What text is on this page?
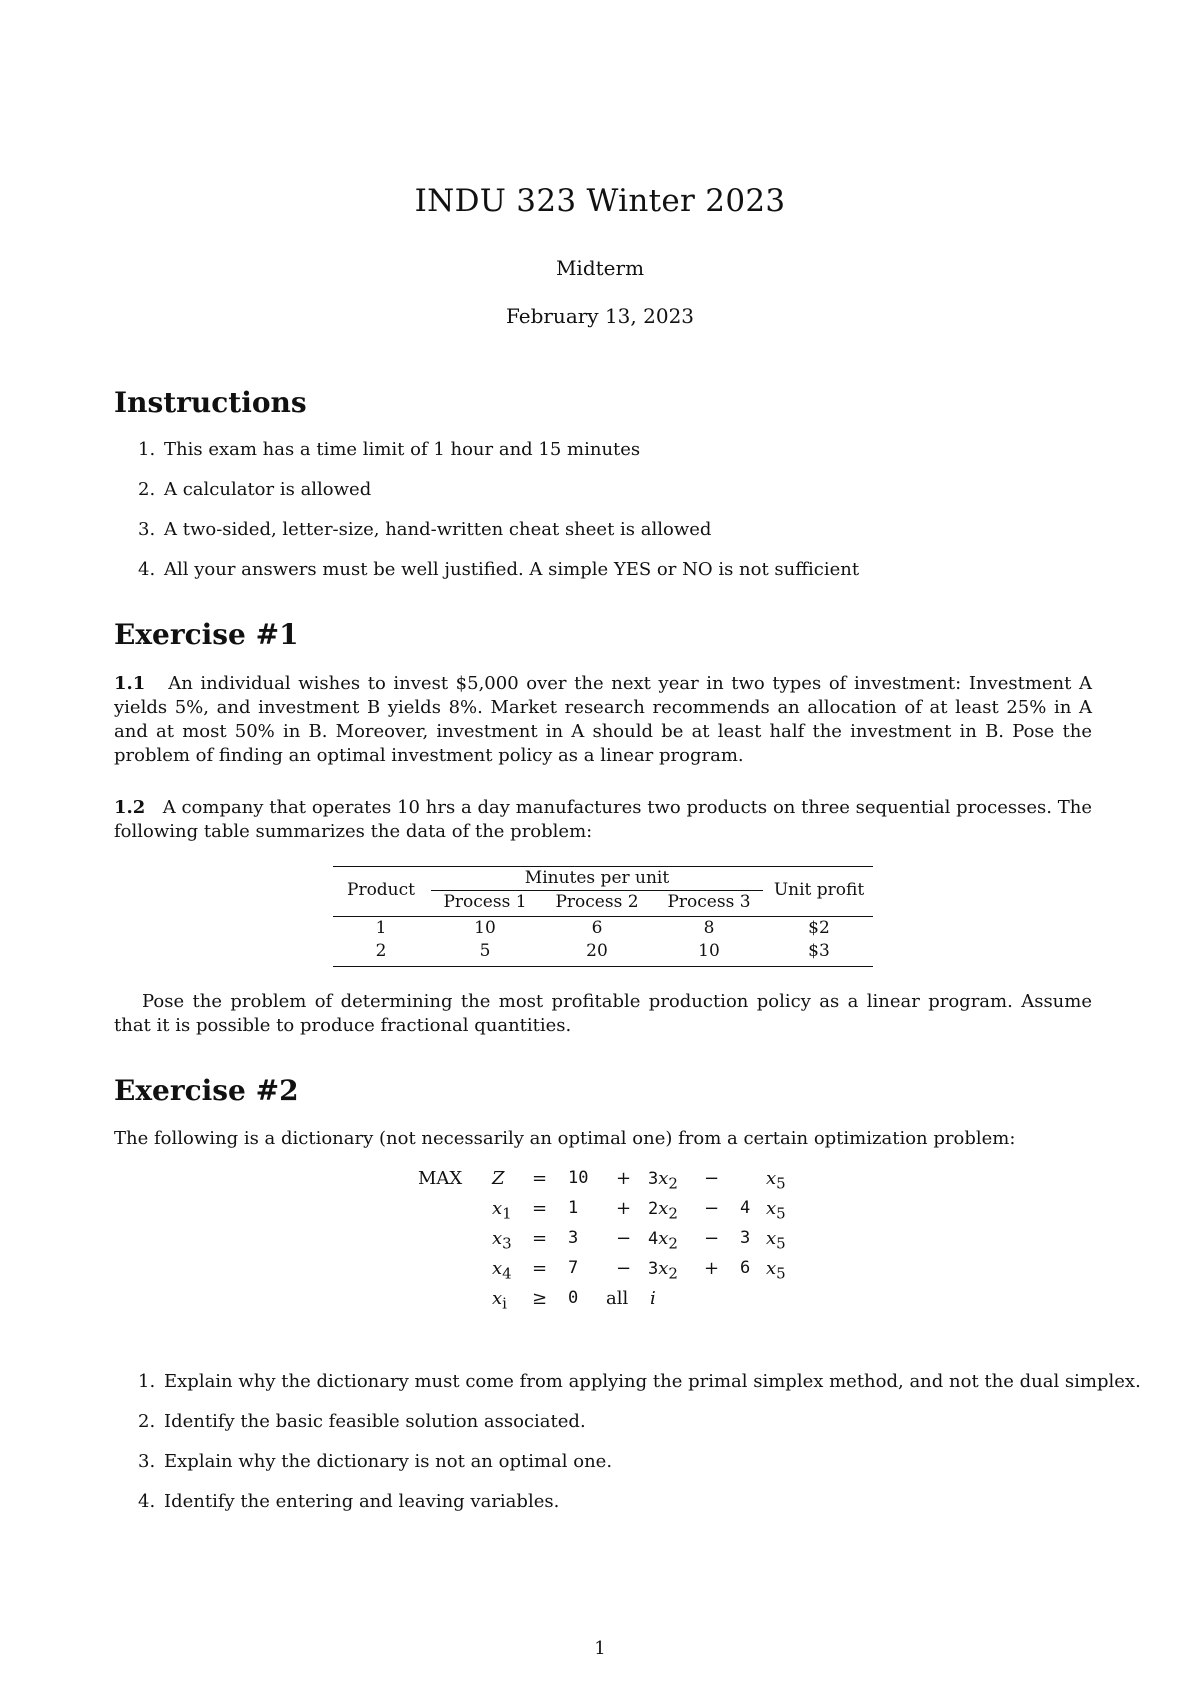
INDU 323 Winter 2023
Midterm
February 13, 2023
Instructions
1. This exam has a time limit of 1 hour and 15 minutes
2. A calculator is allowed
3. A two-sided, letter-size, hand-written cheat sheet is allowed
4. All your answers must be well justified. A simple YES or NO is not sufficient
Exercise #1
1.1 An individual wishes to invest $5,000 over the next year in two types of investment: Investment A yields 5%, and investment B yields 8%. Market research recommends an allocation of at least 25% in A and at most 50% in B. Moreover, investment in A should be at least half the investment in B. Pose the problem of finding an optimal investment policy as a linear program.
1.2 A company that operates 10 hrs a day manufactures two products on three sequential processes. The following table summarizes the data of the problem:
Product
Minutes per unit
Process 1	Process 2	Process 3
Unit profit
1	10	6	8	$2
2	5	20	10	$3
Pose the problem of determining the most profitable production policy as a linear program. Assume that it is possible to produce fractional quantities.
Exercise #2
The following is a dictionary (not necessarily an optimal one) from a certain optimization problem:
MAX $Z = 10 + 3x_2$ −	$x_5$
$x_1 = 1 + 2x_2 - 4$ $x_5$
$x_3 = 3 - 4x_2 - 3$ $x_5$
$x_4 = 7 - 3x_2 + 6$ $x_5$
$x_i \ge 0$ all i
1. Explain why the dictionary must come from applying the primal simplex method, and not the dual simplex.
2. Identify the basic feasible solution associated.
3. Explain why the dictionary is not an optimal one.
4. Identify the entering and leaving variables.
1
